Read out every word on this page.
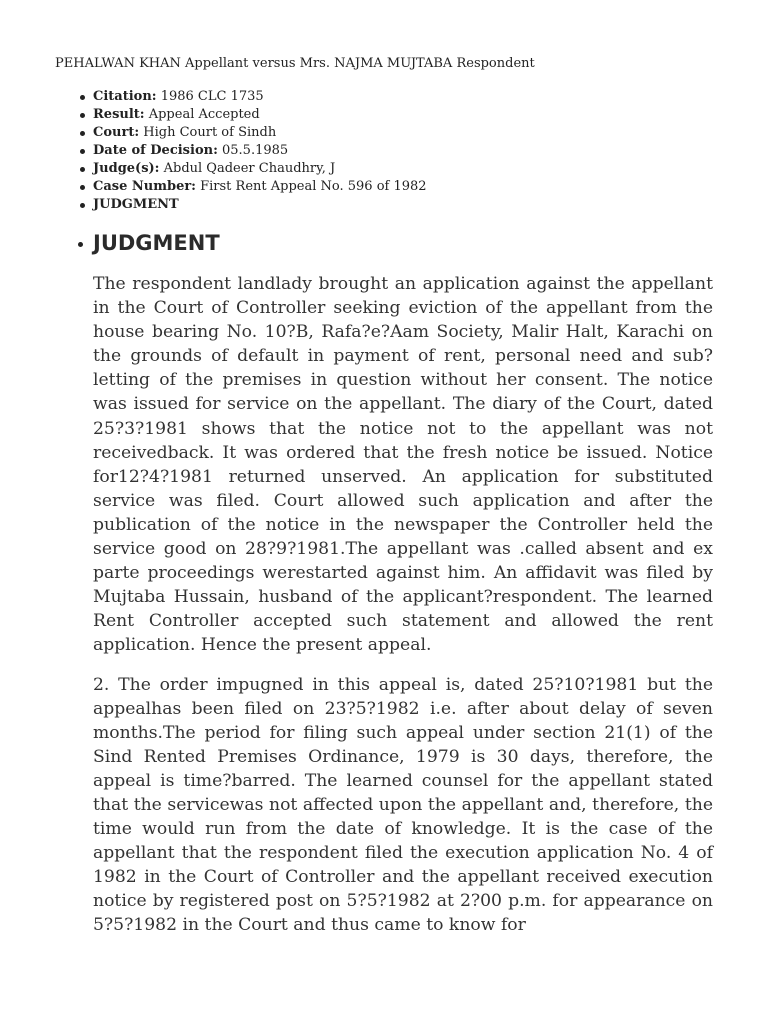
PEHALWAN KHAN Appellant versus Mrs. NAJMA MUJTABA Respondent
Citation: 1986 CLC 1735
Result: Appeal Accepted
Court: High Court of Sindh
Date of Decision: 05.5.1985
Judge(s): Abdul Qadeer Chaudhry, J
Case Number: First Rent Appeal No. 596 of 1982
JUDGMENT
JUDGMENT

The respondent landlady brought an application against the appellant in the Court of Controller seeking eviction of the appellant from the house bearing No. 10?B, Rafa?e?Aam Society, Malir Halt, Karachi on the grounds of default in payment of rent, personal need and sub?letting of the premises in question without her consent. The notice was issued for service on the appellant. The diary of the Court, dated 25?3?1981 shows that the notice not to the appellant was not receivedback. It was ordered that the fresh notice be issued. Notice for12?4?1981 returned unserved. An application for substituted service was filed. Court allowed such application and after the publication of the notice in the newspaper the Controller held the service good on 28?9?1981.The appellant was .called absent and ex parte proceedings werestarted against him. An affidavit was filed by Mujtaba Hussain, husband of the applicant?respondent. The learned Rent Controller accepted such statement and allowed the rent application. Hence the present appeal.

2. The order impugned in this appeal is, dated 25?10?1981 but the appealhas been filed on 23?5?1982 i.e. after about delay of seven months.The period for filing such appeal under section 21(1) of the Sind Rented Premises Ordinance, 1979 is 30 days, therefore, the appeal is time?barred. The learned counsel for the appellant stated that the servicewas not affected upon the appellant and, therefore, the time would run from the date of knowledge. It is the case of the appellant that the respondent filed the execution application No. 4 of 1982 in the Court of Controller and the appellant received execution notice by registered post on 5?5?1982 at 2?00 p.m. for appearance on 5?5?1982 in the Court and thus came to know for
